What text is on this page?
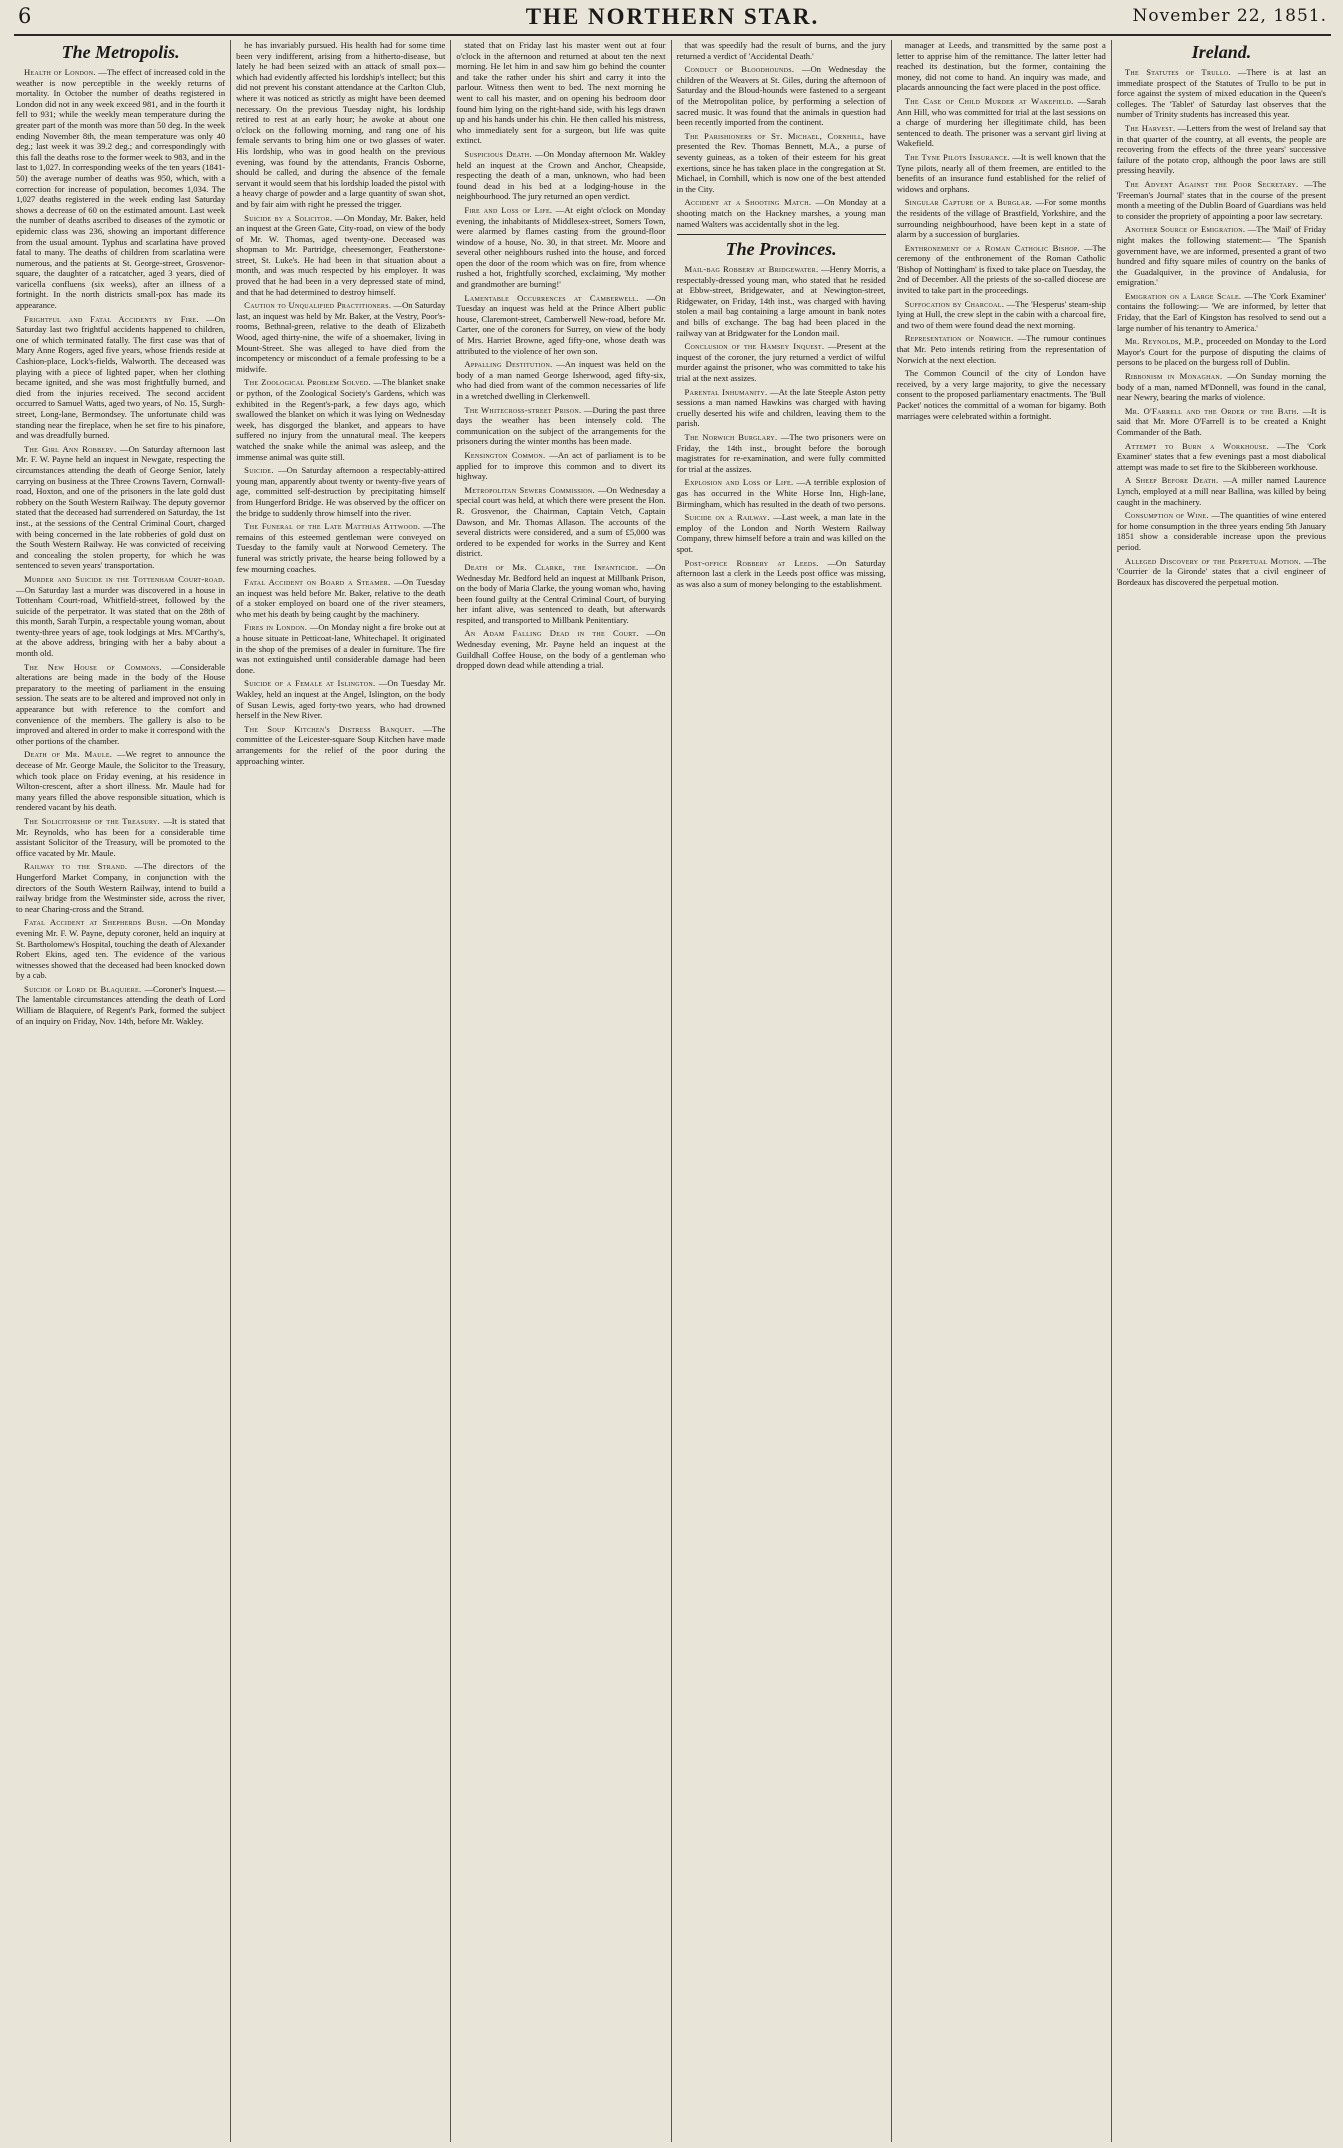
6	THE NORTHERN STAR.	November 22, 1851.
The Metropolis.

Health of London. —The effect of increased cold in the weather is now perceptible in the weekly returns of mortality. In October the number of deaths registered in London did not in any week exceed 981, and in the fourth it fell to 931; while the weekly mean temperature during the greater part of the month was more than 50 deg. In the week ending November 8th, the mean temperature was only 40 deg.; last week it was 39.2 deg.; and correspondingly with this fall the deaths rose to the former week to 983, and in the last to 1,027. In corresponding weeks of the ten years (1841-50) the average number of deaths was 950, which, with a correction for increase of population, becomes 1,034. The 1,027 deaths registered in the week ending last Saturday shows a decrease of 60 on the estimated amount. Last week the number of deaths ascribed to diseases of the zymotic or epidemic class was 236, showing an important difference from the usual amount. Typhus and scarlatina have proved fatal to many. The deaths of children from scarlatina were numerous, and the patients at St. George-street, Grosvenor-square, the daughter of a ratcatcher, aged 3 years, died of varicella confluens (six weeks), after an illness of a fortnight. In the north districts small-pox has made its appearance.

Frightful and Fatal Accidents by Fire. —On Saturday last two frightful accidents happened to children, one of which terminated fatally. The first case was that of Mary Anne Rogers, aged five years, whose friends reside at Cashion-place, Lock's-fields, Walworth. The deceased was playing with a piece of lighted paper, when her clothing became ignited, and she was most frightfully burned, and died from the injuries received. The second accident occurred to Samuel Watts, aged two years, of No. 15, Surgh-street, Long-lane, Bermondsey. The unfortunate child was standing near the fireplace, when he set fire to his pinafore, and was dreadfully burned.

The Girl Ann Robbery. —On Saturday afternoon last Mr. F. W. Payne held an inquest in Newgate, respecting the circumstances attending the death of George Senior, lately carrying on business at the Three Crowns Tavern, Cornwall-road, Hoxton, and one of the prisoners in the late gold dust robbery on the South Western Railway. The deputy governor stated that the deceased had surrendered on Saturday, the 1st inst., at the sessions of the Central Criminal Court, charged with being concerned in the late robberies of gold dust on the South Western Railway. He was convicted of receiving and concealing the stolen property, for which he was sentenced to seven years' transportation.

Murder and Suicide in the Tottenham Court-road. —On Saturday last a murder was discovered in a house in Tottenham Court-road, Whitfield-street, followed by the suicide of the perpetrator. It was stated that on the 28th of this month, Sarah Turpin, a respectable young woman, about twenty-three years of age, took lodgings at Mrs. M'Carthy's, at the above address, bringing with her a baby about a month old.

The New House of Commons. —Considerable alterations are being made in the body of the House preparatory to the meeting of parliament in the ensuing session. The seats are to be altered and improved not only in appearance but with reference to the comfort and convenience of the members. The gallery is also to be improved and altered in order to make it correspond with the other portions of the chamber.

Death of Mr. Maule. —We regret to announce the decease of Mr. George Maule, the Solicitor to the Treasury, which took place on Friday evening, at his residence in Wilton-crescent, after a short illness. Mr. Maule had for many years filled the above responsible situation, which is rendered vacant by his death.

The Solicitorship of the Treasury. —It is stated that Mr. Reynolds, who has been for a considerable time assistant Solicitor of the Treasury, will be promoted to the office vacated by Mr. Maule.

Railway to the Strand. —The directors of the Hungerford Market Company, in conjunction with the directors of the South Western Railway, intend to build a railway bridge from the Westminster side, across the river, to near Charing-cross and the Strand.

Fatal Accident at Shepherds Bush. —On Monday evening Mr. F. W. Payne, deputy coroner, held an inquiry at St. Bartholomew's Hospital, touching the death of Alexander Robert Ekins, aged ten. The evidence of the various witnesses showed that the deceased had been knocked down by a cab.

Suicide of Lord de Blaquiere. —Coroner's Inquest.—The lamentable circumstances attending the death of Lord William de Blaquiere, of Regent's Park, formed the subject of an inquiry on Friday, Nov. 14th, before Mr. Wakley.

he has invariably pursued. His health had for some time been very indifferent, arising from a hitherto-disease, but lately he had been seized with an attack of small pox—which had evidently affected his lordship's intellect; but this did not prevent his constant attendance at the Carlton Club, where it was noticed as strictly as might have been deemed necessary. On the previous Tuesday night, his lordship retired to rest at an early hour; he awoke at about one o'clock on the following morning, and rang one of his female servants to bring him one or two glasses of water. His lordship, who was in good health on the previous evening, was found by the attendants, Francis Osborne, should be called, and during the absence of the female servant it would seem that his lordship loaded the pistol with a heavy charge of powder and a large quantity of swan shot, and by fair aim with right he pressed the trigger.

Suicide by a Solicitor. —On Monday, Mr. Baker, held an inquest at the Green Gate, City-road, on view of the body of Mr. W. Thomas, aged twenty-one. Deceased was shopman to Mr. Partridge, cheesemonger, Featherstone-street, St. Luke's. He had been in that situation about a month, and was much respected by his employer. It was proved that he had been in a very depressed state of mind, and that he had determined to destroy himself.

Caution to Unqualified Practitioners. —On Saturday last, an inquest was held by Mr. Baker, at the Vestry, Poor's-rooms, Bethnal-green, relative to the death of Elizabeth Wood, aged thirty-nine, the wife of a shoemaker, living in Mount-Street. She was alleged to have died from the incompetency or misconduct of a female professing to be a midwife.

The Zoological Problem Solved. —The blanket snake or python, of the Zoological Society's Gardens, which was exhibited in the Regent's-park, a few days ago, which swallowed the blanket on which it was lying on Wednesday week, has disgorged the blanket, and appears to have suffered no injury from the unnatural meal. The keepers watched the snake while the animal was asleep, and the immense animal was quite still.

Suicide. —On Saturday afternoon a respectably-attired young man, apparently about twenty or twenty-five years of age, committed self-destruction by precipitating himself from Hungerford Bridge. He was observed by the officer on the bridge to suddenly throw himself into the river.

The Funeral of the Late Matthias Attwood. —The remains of this esteemed gentleman were conveyed on Tuesday to the family vault at Norwood Cemetery. The funeral was strictly private, the hearse being followed by a few mourning coaches.

Fatal Accident on Board a Steamer. —On Tuesday an inquest was held before Mr. Baker, relative to the death of a stoker employed on board one of the river steamers, who met his death by being caught by the machinery.

Fires in London. —On Monday night a fire broke out at a house situate in Petticoat-lane, Whitechapel. It originated in the shop of the premises of a dealer in furniture. The fire was not extinguished until considerable damage had been done.

Suicide of a Female at Islington. —On Tuesday Mr. Wakley, held an inquest at the Angel, Islington, on the body of Susan Lewis, aged forty-two years, who had drowned herself in the New River.

The Soup Kitchen's Distress Banquet. —The committee of the Leicester-square Soup Kitchen have made arrangements for the relief of the poor during the approaching winter.

stated that on Friday last his master went out at four o'clock in the afternoon and returned at about ten the next morning. He let him in and saw him go behind the counter and take the rather under his shirt and carry it into the parlour. Witness then went to bed. The next morning he went to call his master, and on opening his bedroom door found him lying on the right-hand side, with his legs drawn up and his hands under his chin. He then called his mistress, who immediately sent for a surgeon, but life was quite extinct.

Suspicious Death. —On Monday afternoon Mr. Wakley held an inquest at the Crown and Anchor, Cheapside, respecting the death of a man, unknown, who had been found dead in his bed at a lodging-house in the neighbourhood. The jury returned an open verdict.

Fire and Loss of Life. —At eight o'clock on Monday evening, the inhabitants of Middlesex-street, Somers Town, were alarmed by flames casting from the ground-floor window of a house, No. 30, in that street. Mr. Moore and several other neighbours rushed into the house, and forced open the door of the room which was on fire, from whence rushed a hot, frightfully scorched, exclaiming, 'My mother and grandmother are burning!'

Lamentable Occurrences at Camberwell. —On Tuesday an inquest was held at the Prince Albert public house, Claremont-street, Camberwell New-road, before Mr. Carter, one of the coroners for Surrey, on view of the body of Mrs. Harriet Browne, aged fifty-one, whose death was attributed to the violence of her own son.

Appalling Destitution. —An inquest was held on the body of a man named George Isherwood, aged fifty-six, who had died from want of the common necessaries of life in a wretched dwelling in Clerkenwell.

The Whitecross-street Prison. —During the past three days the weather has been intensely cold. The communication on the subject of the arrangements for the prisoners during the winter months has been made.

Kensington Common. —An act of parliament is to be applied for to improve this common and to divert its highway.

Metropolitan Sewers Commission. —On Wednesday a special court was held, at which there were present the Hon. R. Grosvenor, the Chairman, Captain Vetch, Captain Dawson, and Mr. Thomas Allason. The accounts of the several districts were considered, and a sum of £5,000 was ordered to be expended for works in the Surrey and Kent district.

Death of Mr. Clarke, the Infanticide. —On Wednesday Mr. Bedford held an inquest at Millbank Prison, on the body of Maria Clarke, the young woman who, having been found guilty at the Central Criminal Court, of burying her infant alive, was sentenced to death, but afterwards respited, and transported to Millbank Penitentiary.

An Adam Falling Dead in the Court. —On Wednesday evening, Mr. Payne held an inquest at the Guildhall Coffee House, on the body of a gentleman who dropped down dead while attending a trial.

that was speedily had the result of burns, and the jury returned a verdict of 'Accidental Death.'

Conduct of Bloodhounds. —On Wednesday the children of the Weavers at St. Giles, during the afternoon of Saturday and the Bloud-hounds were fastened to a sergeant of the Metropolitan police, by performing a selection of sacred music. It was found that the animals in question had been recently imported from the continent.

The Parishioners of St. Michael, Cornhill, have presented the Rev. Thomas Bennett, M.A., a purse of seventy guineas, as a token of their esteem for his great exertions, since he has taken place in the congregation at St. Michael, in Cornhill, which is now one of the best attended in the City.

Accident at a Shooting Match. —On Monday at a shooting match on the Hackney marshes, a young man named Walters was accidentally shot in the leg.

The Provinces.

Mail-bag Robbery at Bridgewater. —Henry Morris, a respectably-dressed young man, who stated that he resided at Ebbw-street, Bridgewater, and at Newington-street, Ridgewater, on Friday, 14th inst., was charged with having stolen a mail bag containing a large amount in bank notes and bills of exchange. The bag had been placed in the railway van at Bridgwater for the London mail.

Conclusion of the Hamsey Inquest. —Present at the inquest of the coroner, the jury returned a verdict of wilful murder against the prisoner, who was committed to take his trial at the next assizes.

Parental Inhumanity. —At the late Steeple Aston petty sessions a man named Hawkins was charged with having cruelly deserted his wife and children, leaving them to the parish.

The Norwich Burglary. —The two prisoners were on Friday, the 14th inst., brought before the borough magistrates for re-examination, and were fully committed for trial at the assizes.

Explosion and Loss of Life. —A terrible explosion of gas has occurred in the White Horse Inn, High-lane, Birmingham, which has resulted in the death of two persons.

Suicide on a Railway. —Last week, a man late in the employ of the London and North Western Railway Company, threw himself before a train and was killed on the spot.

Post-office Robbery at Leeds. —On Saturday afternoon last a clerk in the Leeds post office was missing, as was also a sum of money belonging to the establishment.

manager at Leeds, and transmitted by the same post a letter to apprise him of the remittance. The latter letter had reached its destination, but the former, containing the money, did not come to hand. An inquiry was made, and placards announcing the fact were placed in the post office.

The Case of Child Murder at Wakefield. —Sarah Ann Hill, who was committed for trial at the last sessions on a charge of murdering her illegitimate child, has been sentenced to death. The prisoner was a servant girl living at Wakefield.

The Tyne Pilots Insurance. —It is well known that the Tyne pilots, nearly all of them freemen, are entitled to the benefits of an insurance fund established for the relief of widows and orphans.

Singular Capture of a Burglar. —For some months the residents of the village of Brastfield, Yorkshire, and the surrounding neighbourhood, have been kept in a state of alarm by a succession of burglaries.

Enthronement of a Roman Catholic Bishop. —The ceremony of the enthronement of the Roman Catholic 'Bishop of Nottingham' is fixed to take place on Tuesday, the 2nd of December. All the priests of the so-called diocese are invited to take part in the proceedings.

Suffocation by Charcoal. —The 'Hesperus' steam-ship lying at Hull, the crew slept in the cabin with a charcoal fire, and two of them were found dead the next morning.

Representation of Norwich. —The rumour continues that Mr. Peto intends retiring from the representation of Norwich at the next election.

The Common Council of the city of London have received, by a very large majority, to give the necessary consent to the proposed parliamentary enactments. The 'Bull Packet' notices the committal of a woman for bigamy. Both marriages were celebrated within a fortnight.

Ireland.

The Statutes of Trullo. —There is at last an immediate prospect of the Statutes of Trullo to be put in force against the system of mixed education in the Queen's colleges. The 'Tablet' of Saturday last observes that the number of Trinity students has increased this year.

The Harvest. —Letters from the west of Ireland say that in that quarter of the country, at all events, the people are recovering from the effects of the three years' successive failure of the potato crop, although the poor laws are still pressing heavily.

The Advent Against the Poor Secretary. —The 'Freeman's Journal' states that in the course of the present month a meeting of the Dublin Board of Guardians was held to consider the propriety of appointing a poor law secretary.

Another Source of Emigration. —The 'Mail' of Friday night makes the following statement:— 'The Spanish government have, we are informed, presented a grant of two hundred and fifty square miles of country on the banks of the Guadalquiver, in the province of Andalusia, for emigration.'

Emigration on a Large Scale. —The 'Cork Examiner' contains the following:— 'We are informed, by letter that Friday, that the Earl of Kingston has resolved to send out a large number of his tenantry to America.'

Mr. Reynolds, M.P., proceeded on Monday to the Lord Mayor's Court for the purpose of disputing the claims of persons to be placed on the burgess roll of Dublin.

Ribbonism in Monaghan. —On Sunday morning the body of a man, named M'Donnell, was found in the canal, near Newry, bearing the marks of violence.

Mr. O'Farrell and the Order of the Bath. —It is said that Mr. More O'Farrell is to be created a Knight Commander of the Bath.

Attempt to Burn a Workhouse. —The 'Cork Examiner' states that a few evenings past a most diabolical attempt was made to set fire to the Skibbereen workhouse.

A Sheep Before Death. —A miller named Laurence Lynch, employed at a mill near Ballina, was killed by being caught in the machinery.

Consumption of Wine. —The quantities of wine entered for home consumption in the three years ending 5th January 1851 show a considerable increase upon the previous period.

Alleged Discovery of the Perpetual Motion. —The 'Courrier de la Gironde' states that a civil engineer of Bordeaux has discovered the perpetual motion.
